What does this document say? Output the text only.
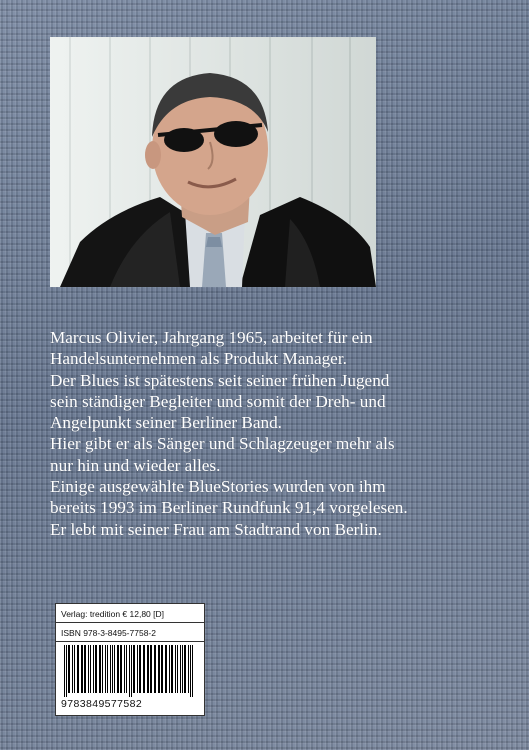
Marcus Olivier, Jahrgang 1965, arbeitet für ein
Handelsunternehmen als Produkt Manager.
Der Blues ist spätestens seit seiner frühen Jugend
sein ständiger Begleiter und somit der Dreh- und
Angelpunkt seiner Berliner Band.
Hier gibt er als Sänger und Schlagzeuger mehr als
nur hin und wieder alles.
Einige ausgewählte BlueStories wurden von ihm
bereits 1993 im Berliner Rundfunk 91,4 vorgelesen.
Er lebt mit seiner Frau am Stadtrand von Berlin.
Verlag: tredition € 12,80 [D]
ISBN 978-3-8495-7758-2
9783849577582
